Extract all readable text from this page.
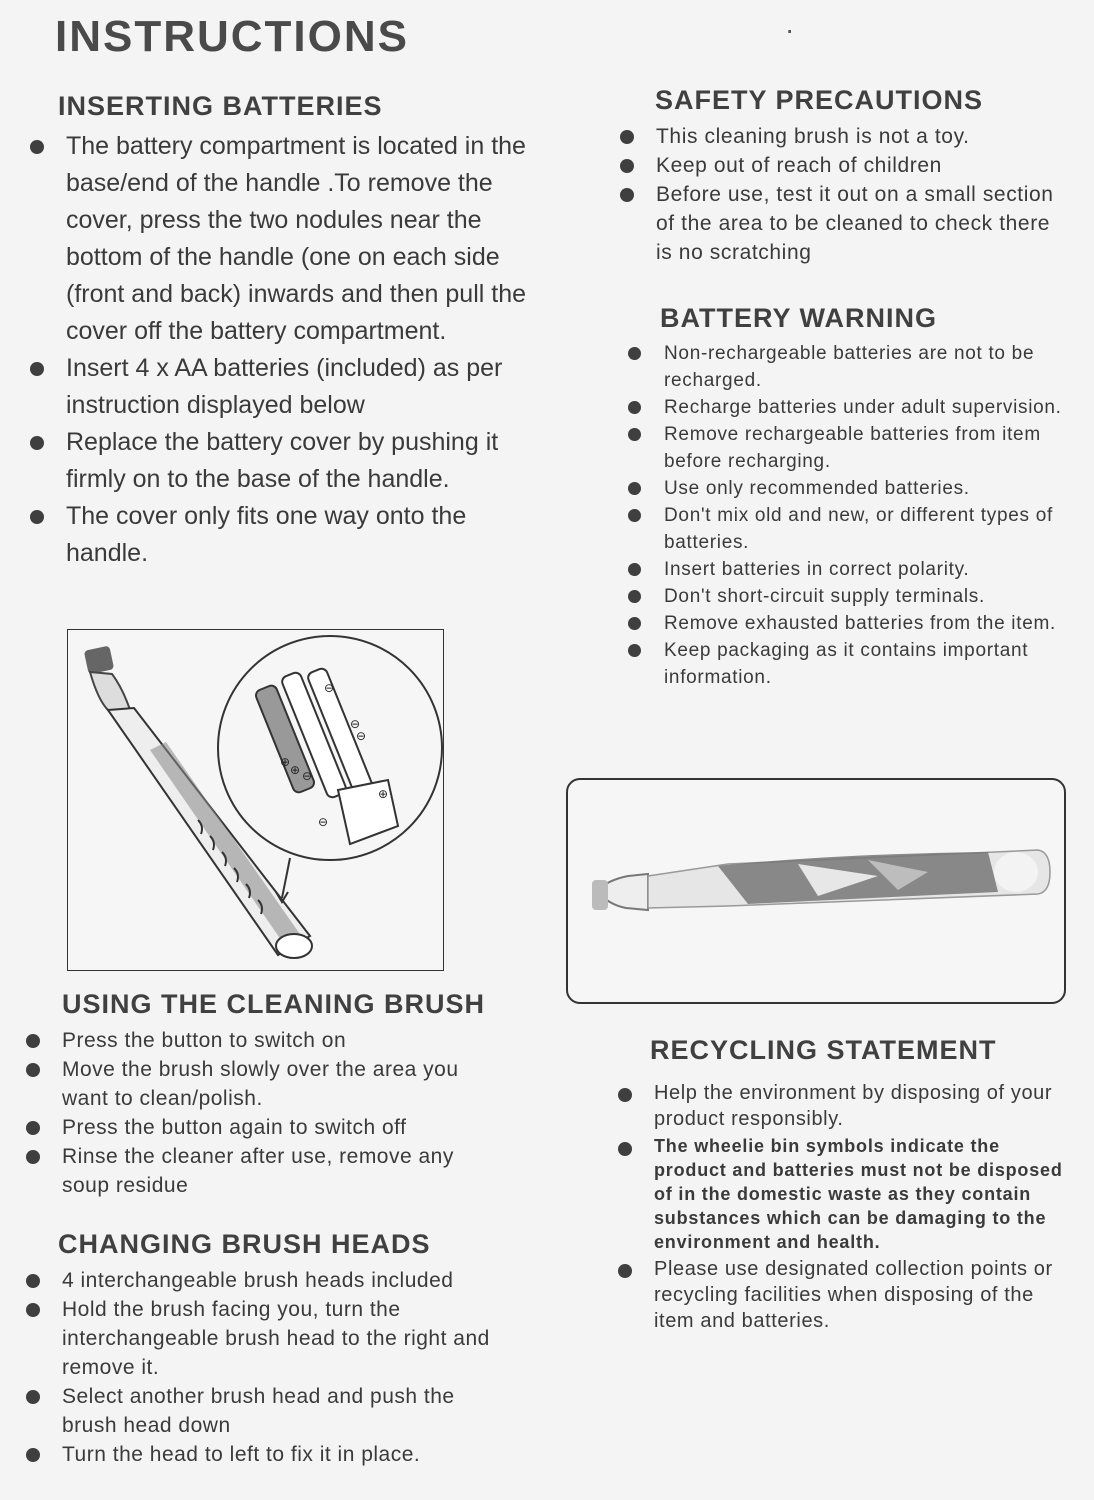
·
INSTRUCTIONS
INSERTING BATTERIES
The battery compartment is located in the base/end of the handle .To remove the cover, press the two nodules near the bottom of the handle (one on each side (front and back) inwards and then pull the cover off the battery compartment.
Insert 4 x AA batteries (included) as per instruction displayed below
Replace the battery cover by pushing it firmly on to the base of the handle.
The cover only fits one way onto the handle.
⊖
⊖
⊖
⊕
⊖
⊕
⊕
⊖
USING THE CLEANING BRUSH
Press the button to switch on
Move the brush slowly over the area you want to clean/polish.
Press the button again to switch off
Rinse the cleaner after use, remove any soup residue
CHANGING BRUSH HEADS
4 interchangeable brush heads included
Hold the brush facing you, turn the interchangeable brush head to the right and remove it.
Select another brush head and push the brush head down
Turn the head to left to fix it in place.
SAFETY PRECAUTIONS
This cleaning brush is not a toy.
Keep out of reach of children
Before use, test it out on a small section of the area to be cleaned to check there is no scratching
BATTERY WARNING
Non-rechargeable batteries are not to be recharged.
Recharge batteries under adult supervision.
Remove rechargeable batteries from item before recharging.
Use only recommended batteries.
Don't mix old and new, or different types of batteries.
Insert batteries in correct polarity.
Don't short-circuit supply terminals.
Remove exhausted batteries from the item.
Keep packaging as it contains important information.
RECYCLING STATEMENT
Help the environment by disposing of your product responsibly.
The wheelie bin symbols indicate the product and batteries must not be disposed of in the domestic waste as they contain substances which can be damaging to the environment and health.
Please use designated collection points or recycling facilities when disposing of the item and batteries.
